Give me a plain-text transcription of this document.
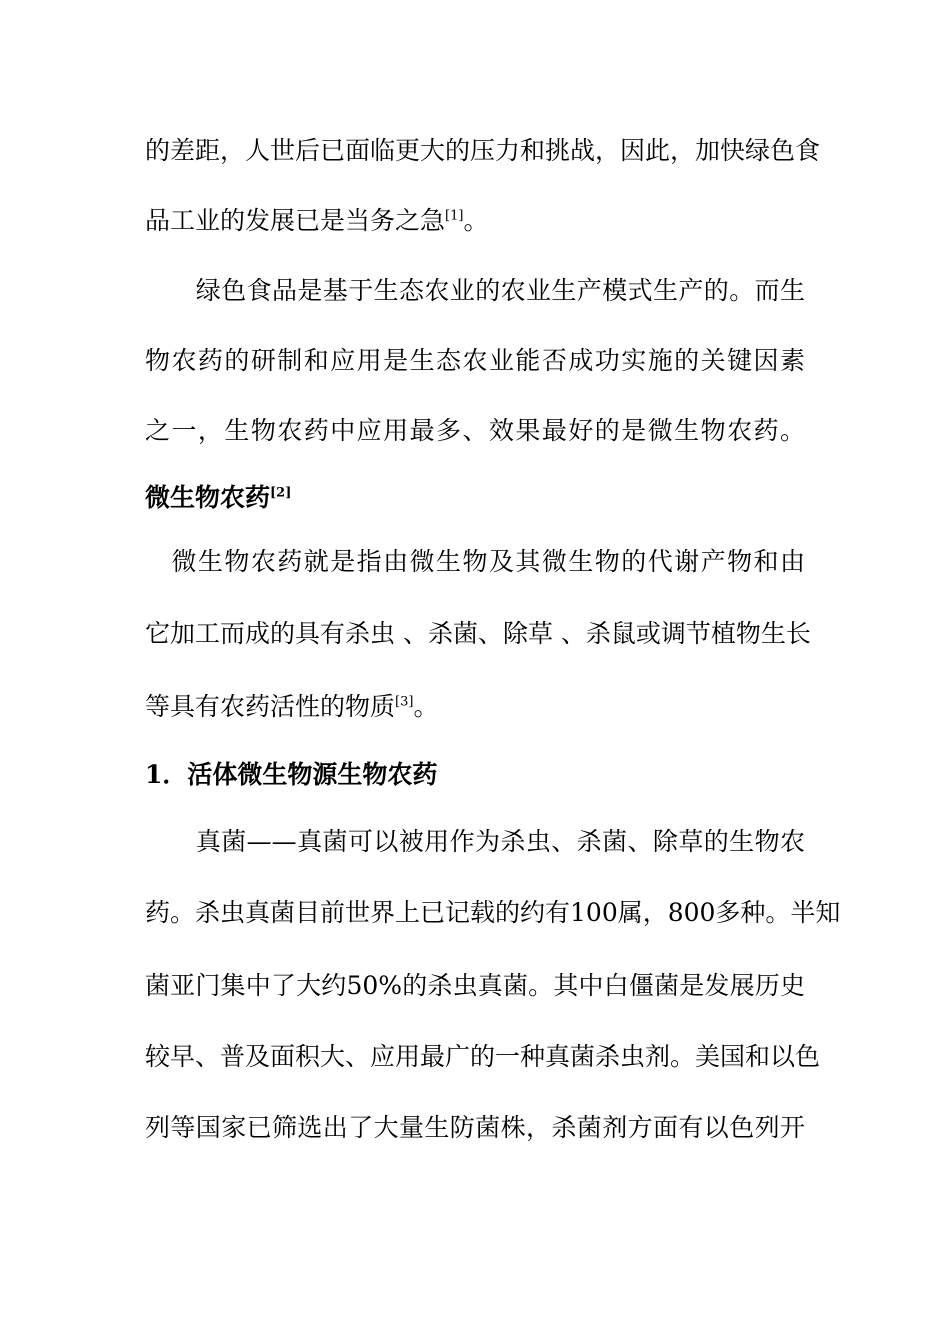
的差距，人世后已面临更大的压力和挑战，因此，加快绿色食
品工业的发展已是当务之急[1]。
　　绿色食品是基于生态农业的农业生产模式生产的。而生
物农药的研制和应用是生态农业能否成功实施的关键因素
之一，生物农药中应用最多、效果最好的是微生物农药。
微生物农药[2]
　微生物农药就是指由微生物及其微生物的代谢产物和由
它加工而成的具有杀虫 、杀菌、除草 、杀鼠或调节植物生长
等具有农药活性的物质[3]。
1．活体微生物源生物农药
　　真菌——真菌可以被用作为杀虫、杀菌、除草的生物农
药。杀虫真菌目前世界上已记载的约有100属，800多种。半知
菌亚门集中了大约50%的杀虫真菌。其中白僵菌是发展历史
较早、普及面积大、应用最广的一种真菌杀虫剂。美国和以色
列等国家已筛选出了大量生防菌株，杀菌剂方面有以色列开
